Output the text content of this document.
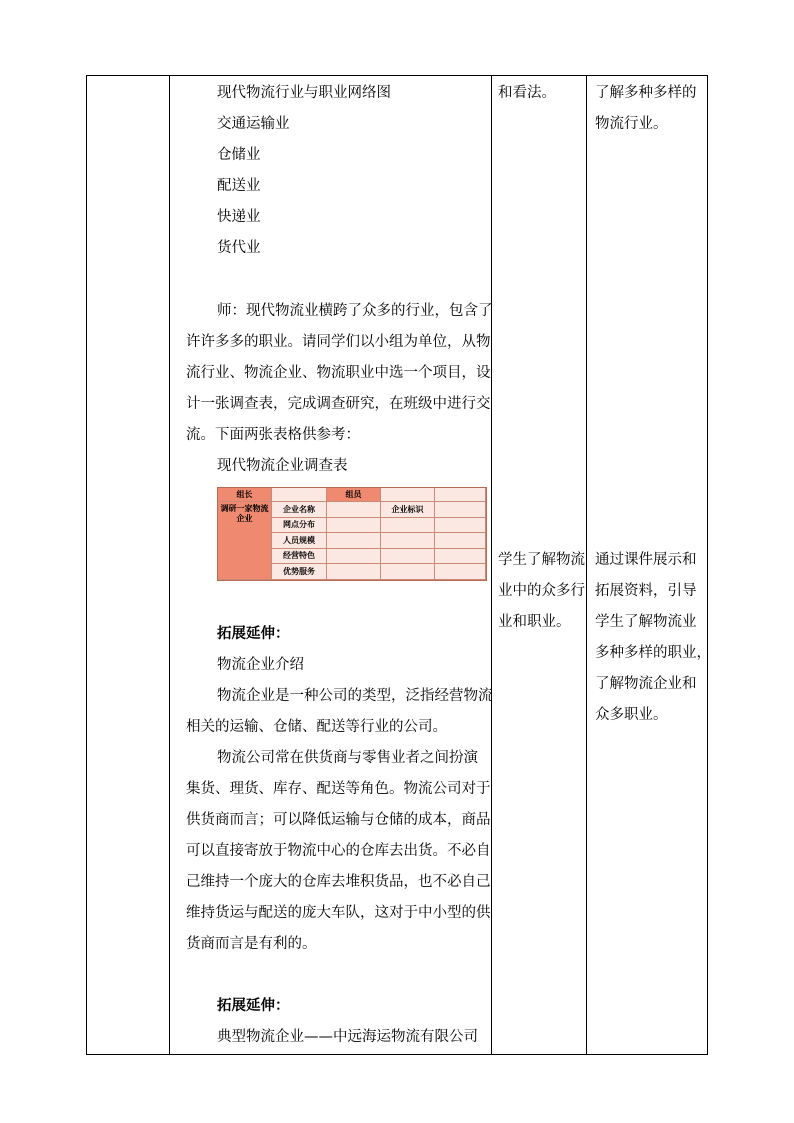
现代物流行业与职业网络图
交通运输业
仓储业
配送业
快递业
货代业
师：现代物流业横跨了众多的行业，包含了
许许多多的职业。请同学们以小组为单位，从物
流行业、物流企业、物流职业中选一个项目，设
计一张调查表，完成调查研究，在班级中进行交
流。下面两张表格供参考：
现代物流企业调查表
组长	组员
调研一家物流企业
企业名称	企业标识
网点分布
人员规模
经营特色
优势服务
拓展延伸：
物流企业介绍
物流企业是一种公司的类型，泛指经营物流
相关的运输、仓储、配送等行业的公司。
物流公司常在供货商与零售业者之间扮演
集货、理货、库存、配送等角色。物流公司对于
供货商而言；可以降低运输与仓储的成本，商品
可以直接寄放于物流中心的仓库去出货。不必自
己维持一个庞大的仓库去堆积货品，也不必自己
维持货运与配送的庞大车队，这对于中小型的供
货商而言是有利的。
拓展延伸：
典型物流企业——中远海运物流有限公司
和看法。
学生了解物流
业中的众多行
业和职业。
了解多种多样的
物流行业。
通过课件展示和
拓展资料，引导
学生了解物流业
多种多样的职业，
了解物流企业和
众多职业。
